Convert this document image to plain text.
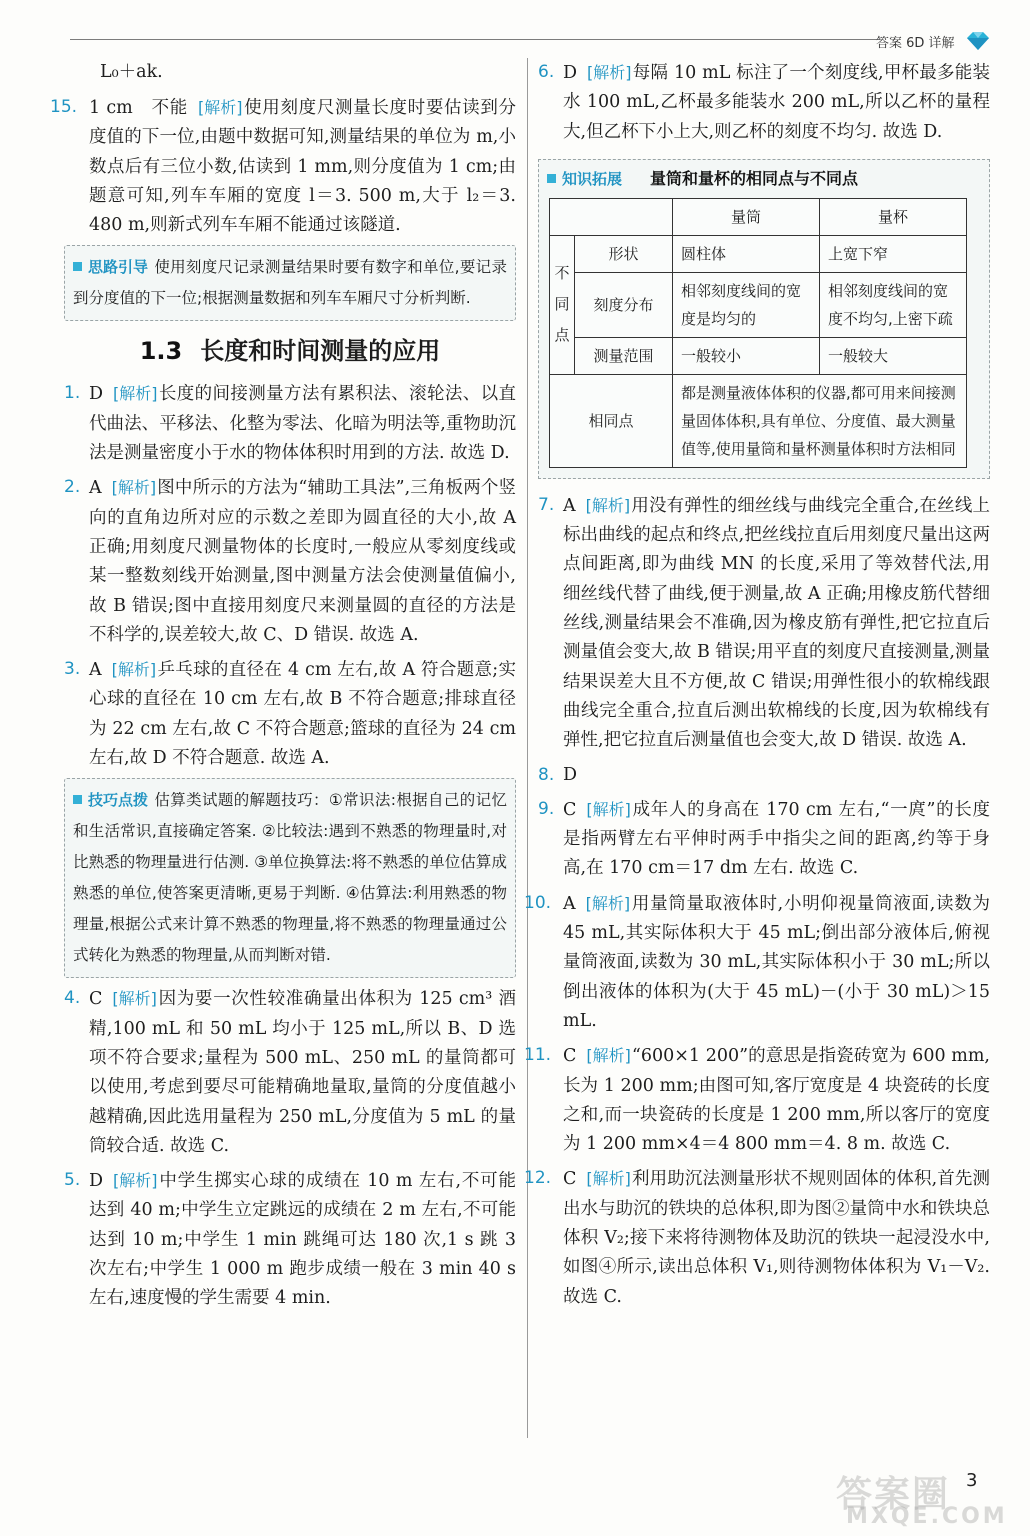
答案 6D 详解

L₀＋ak.

15. 1 cm　不能 [解析]使用刻度尺测量长度时要估读到分度值的下一位,由题中数据可知,测量结果的单位为 m,小数点后有三位小数,估读到 1 mm,则分度值为 1 cm;由题意可知,列车车厢的宽度 l＝3. 500 m,大于 l₂＝3. 480 m,则新式列车车厢不能通过该隧道.
思路引导 使用刻度尺记录测量结果时要有数字和单位,要记录到分度值的下一位;根据测量数据和列车车厢尺寸分析判断.
1.3 长度和时间测量的应用
1. D [解析]长度的间接测量方法有累积法、滚轮法、以直代曲法、平移法、化整为零法、化暗为明法等,重物助沉法是测量密度小于水的物体体积时用到的方法. 故选 D.
2. A [解析]图中所示的方法为“辅助工具法”,三角板两个竖向的直角边所对应的示数之差即为圆直径的大小,故 A 正确;用刻度尺测量物体的长度时,一般应从零刻度线或某一整数刻线开始测量,图中测量方法会使测量值偏小,故 B 错误;图中直接用刻度尺来测量圆的直径的方法是不科学的,误差较大,故 C、D 错误. 故选 A.
3. A [解析]乒乓球的直径在 4 cm 左右,故 A 符合题意;实心球的直径在 10 cm 左右,故 B 不符合题意;排球直径为 22 cm 左右,故 C 不符合题意;篮球的直径为 24 cm 左右,故 D 不符合题意. 故选 A.
技巧点拨 估算类试题的解题技巧：①常识法:根据自己的记忆和生活常识,直接确定答案. ②比较法:遇到不熟悉的物理量时,对比熟悉的物理量进行估测. ③单位换算法:将不熟悉的单位估算成熟悉的单位,使答案更清晰,更易于判断. ④估算法:利用熟悉的物理量,根据公式来计算不熟悉的物理量,将不熟悉的物理量通过公式转化为熟悉的物理量,从而判断对错.
4. C [解析]因为要一次性较准确量出体积为 125 cm³ 酒精,100 mL 和 50 mL 均小于 125 mL,所以 B、D 选项不符合要求;量程为 500 mL、250 mL 的量筒都可以使用,考虑到要尽可能精确地量取,量筒的分度值越小越精确,因此选用量程为 250 mL,分度值为 5 mL 的量筒较合适. 故选 C.
5. D [解析]中学生掷实心球的成绩在 10 m 左右,不可能达到 40 m;中学生立定跳远的成绩在 2 m 左右,不可能达到 10 m;中学生 1 min 跳绳可达 180 次,1 s 跳 3 次左右;中学生 1 000 m 跑步成绩一般在 3 min 40 s 左右,速度慢的学生需要 4 min.
6. D [解析]每隔 10 mL 标注了一个刻度线,甲杯最多能装水 100 mL,乙杯最多能装水 200 mL,所以乙杯的量程大,但乙杯下小上大,则乙杯的刻度不均匀. 故选 D.
知识拓展 量筒和量杯的相同点与不同点
		量筒	量杯
不同点	形状	圆柱体	上宽下窄
	刻度分布	相邻刻度线间的宽度是均匀的	相邻刻度线间的宽度不均匀,上密下疏
	测量范围	一般较小	一般较大
相同点		都是测量液体体积的仪器,都可用来间接测量固体体积,具有单位、分度值、最大测量值等,使用量筒和量杯测量体积时方法相同	
7. A [解析]用没有弹性的细丝线与曲线完全重合,在丝线上标出曲线的起点和终点,把丝线拉直后用刻度尺量出这两点间距离,即为曲线 MN 的长度,采用了等效替代法,用细丝线代替了曲线,便于测量,故 A 正确;用橡皮筋代替细丝线,测量结果会不准确,因为橡皮筋有弹性,把它拉直后测量值会变大,故 B 错误;用平直的刻度尺直接测量,测量结果误差大且不方便,故 C 错误;用弹性很小的软棉线跟曲线完全重合,拉直后测出软棉线的长度,因为软棉线有弹性,把它拉直后测量值也会变大,故 D 错误. 故选 A.
8. D
9. C [解析]成年人的身高在 170 cm 左右,“一庹”的长度是指两臂左右平伸时两手中指尖之间的距离,约等于身高,在 170 cm＝17 dm 左右. 故选 C.
10. A [解析]用量筒量取液体时,小明仰视量筒液面,读数为 45 mL,其实际体积大于 45 mL;倒出部分液体后,俯视量筒液面,读数为 30 mL,其实际体积小于 30 mL;所以倒出液体的体积为(大于 45 mL)－(小于 30 mL)＞15 mL.
11. C [解析]“600×1 200”的意思是指瓷砖宽为 600 mm,长为 1 200 mm;由图可知,客厅宽度是 4 块瓷砖的长度之和,而一块瓷砖的长度是 1 200 mm,所以客厅的宽度为 1 200 mm×4＝4 800 mm＝4. 8 m. 故选 C.
12. C [解析]利用助沉法测量形状不规则固体的体积,首先测出水与助沉的铁块的总体积,即为图②量筒中水和铁块总体积 V₂;接下来将待测物体及助沉的铁块一起浸没水中,如图④所示,读出总体积 V₁,则待测物体体积为 V₁－V₂. 故选 C.
答案圈
MXQE.COM
3
